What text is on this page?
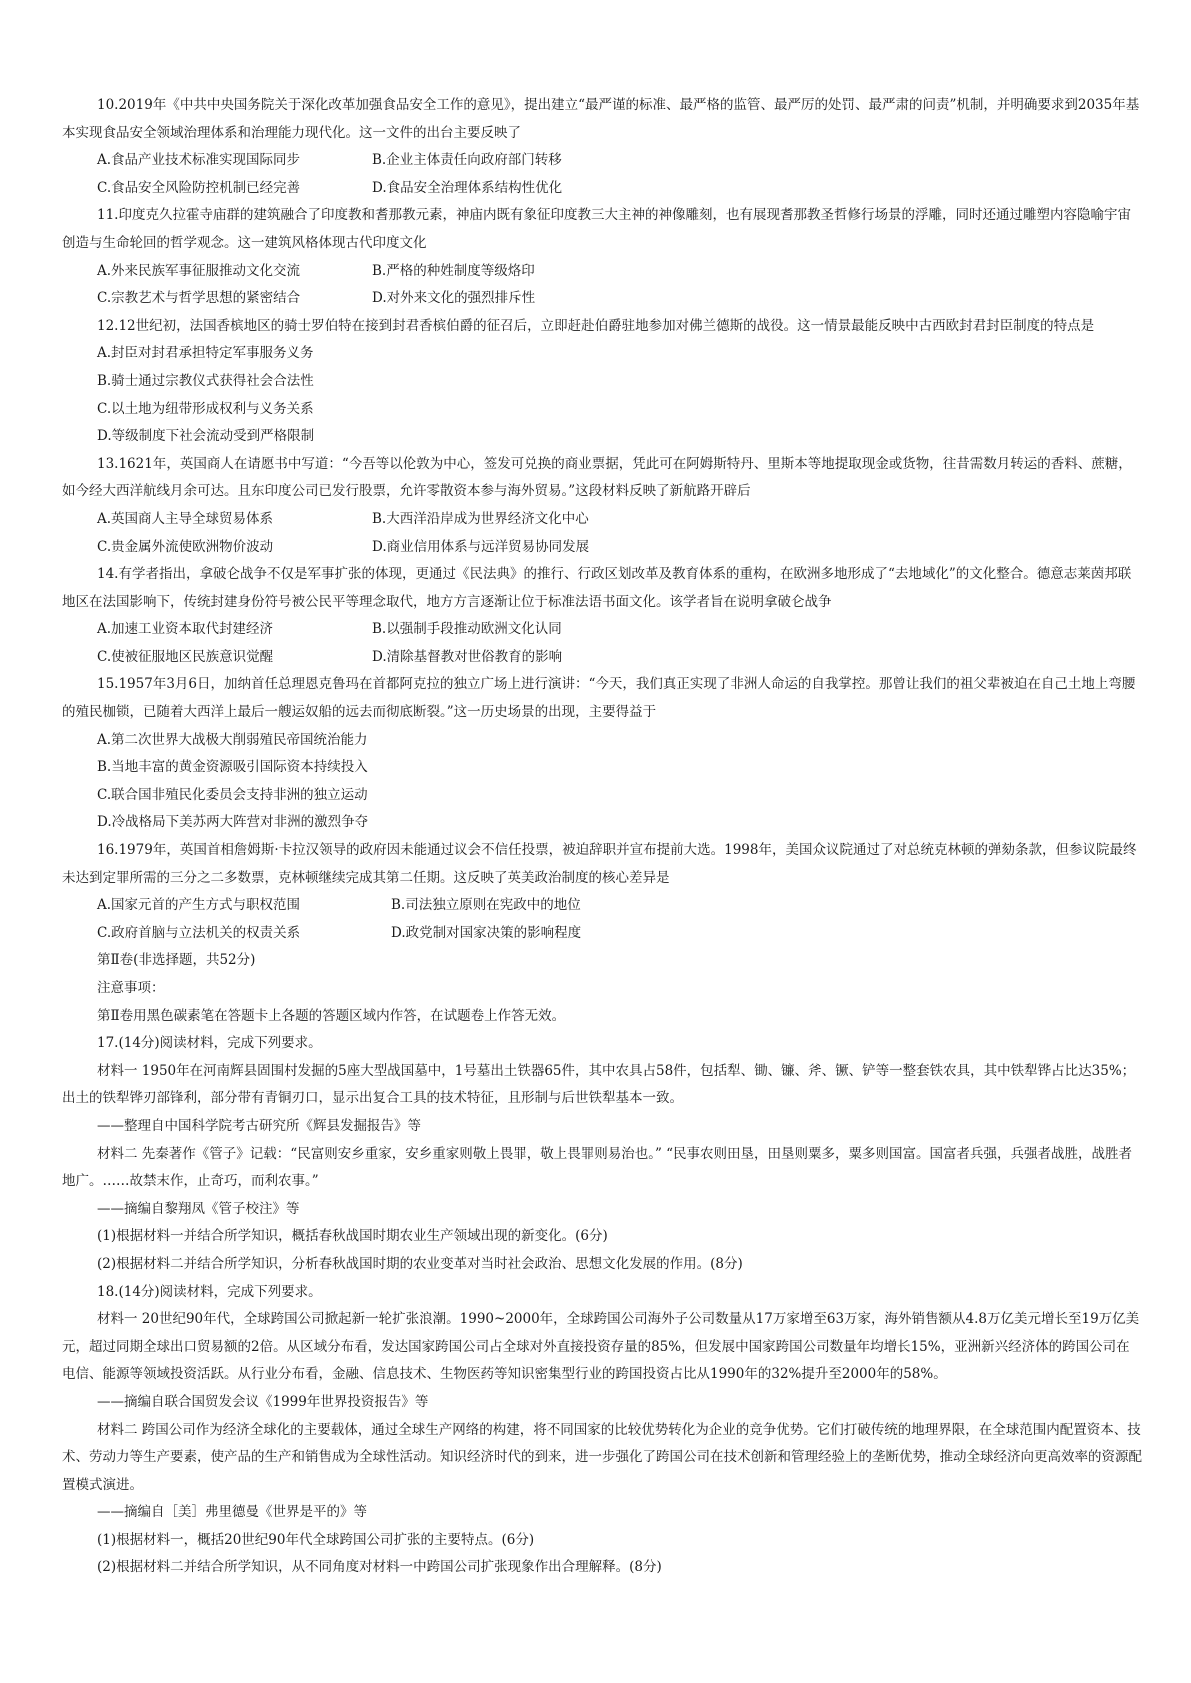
10.2019年《中共中央国务院关于深化改革加强食品安全工作的意见》，提出建立“最严谨的标准、最严格的监管、最严厉的处罚、最严肃的问责”机制，并明确要求到2035年基本实现食品安全领域治理体系和治理能力现代化。这一文件的出台主要反映了
A.食品产业技术标准实现国际同步	B.企业主体责任向政府部门转移
C.食品安全风险防控机制已经完善	D.食品安全治理体系结构性优化
11.印度克久拉霍寺庙群的建筑融合了印度教和耆那教元素，神庙内既有象征印度教三大主神的神像雕刻，也有展现耆那教圣哲修行场景的浮雕，同时还通过雕塑内容隐喻宇宙创造与生命轮回的哲学观念。这一建筑风格体现古代印度文化
A.外来民族军事征服推动文化交流	B.严格的种姓制度等级烙印
C.宗教艺术与哲学思想的紧密结合	D.对外来文化的强烈排斥性
12.12世纪初，法国香槟地区的骑士罗伯特在接到封君香槟伯爵的征召后，立即赶赴伯爵驻地参加对佛兰德斯的战役。这一情景最能反映中古西欧封君封臣制度的特点是
A.封臣对封君承担特定军事服务义务
B.骑士通过宗教仪式获得社会合法性
C.以土地为纽带形成权利与义务关系
D.等级制度下社会流动受到严格限制
13.1621年，英国商人在请愿书中写道：“今吾等以伦敦为中心，签发可兑换的商业票据，凭此可在阿姆斯特丹、里斯本等地提取现金或货物，往昔需数月转运的香料、蔗糖，如今经大西洋航线月余可达。且东印度公司已发行股票，允许零散资本参与海外贸易。”这段材料反映了新航路开辟后
A.英国商人主导全球贸易体系	B.大西洋沿岸成为世界经济文化中心
C.贵金属外流使欧洲物价波动	D.商业信用体系与远洋贸易协同发展
14.有学者指出，拿破仑战争不仅是军事扩张的体现，更通过《民法典》的推行、行政区划改革及教育体系的重构，在欧洲多地形成了“去地域化”的文化整合。德意志莱茵邦联地区在法国影响下，传统封建身份符号被公民平等理念取代，地方方言逐渐让位于标准法语书面文化。该学者旨在说明拿破仑战争
A.加速工业资本取代封建经济	B.以强制手段推动欧洲文化认同
C.使被征服地区民族意识觉醒	D.清除基督教对世俗教育的影响
15.1957年3月6日，加纳首任总理恩克鲁玛在首都阿克拉的独立广场上进行演讲：“今天，我们真正实现了非洲人命运的自我掌控。那曾让我们的祖父辈被迫在自己土地上弯腰的殖民枷锁，已随着大西洋上最后一艘运奴船的远去而彻底断裂。”这一历史场景的出现，主要得益于
A.第二次世界大战极大削弱殖民帝国统治能力
B.当地丰富的黄金资源吸引国际资本持续投入
C.联合国非殖民化委员会支持非洲的独立运动
D.冷战格局下美苏两大阵营对非洲的激烈争夺
16.1979年，英国首相詹姆斯·卡拉汉领导的政府因未能通过议会不信任投票，被迫辞职并宣布提前大选。1998年，美国众议院通过了对总统克林顿的弹劾条款，但参议院最终未达到定罪所需的三分之二多数票，克林顿继续完成其第二任期。这反映了英美政治制度的核心差异是
A.国家元首的产生方式与职权范围	B.司法独立原则在宪政中的地位
C.政府首脑与立法机关的权责关系	D.政党制对国家决策的影响程度
第Ⅱ卷(非选择题，共52分)
注意事项：
第Ⅱ卷用黑色碳素笔在答题卡上各题的答题区域内作答，在试题卷上作答无效。
17.(14分)阅读材料，完成下列要求。
材料一 1950年在河南辉县固围村发掘的5座大型战国墓中，1号墓出土铁器65件，其中农具占58件，包括犁、锄、镰、斧、镢、铲等一整套铁农具，其中铁犁铧占比达35%；出土的铁犁铧刃部锋利，部分带有青铜刃口，显示出复合工具的技术特征，且形制与后世铁犁基本一致。
——整理自中国科学院考古研究所《辉县发掘报告》等
材料二 先秦著作《管子》记载：“民富则安乡重家，安乡重家则敬上畏罪，敬上畏罪则易治也。” “民事农则田垦，田垦则粟多，粟多则国富。国富者兵强，兵强者战胜，战胜者地广。……故禁末作，止奇巧，而利农事。”
——摘编自黎翔凤《管子校注》等
(1)根据材料一并结合所学知识，概括春秋战国时期农业生产领域出现的新变化。(6分)
(2)根据材料二并结合所学知识，分析春秋战国时期的农业变革对当时社会政治、思想文化发展的作用。(8分)
18.(14分)阅读材料，完成下列要求。
材料一 20世纪90年代，全球跨国公司掀起新一轮扩张浪潮。1990~2000年，全球跨国公司海外子公司数量从17万家增至63万家，海外销售额从4.8万亿美元增长至19万亿美元，超过同期全球出口贸易额的2倍。从区域分布看，发达国家跨国公司占全球对外直接投资存量的85%，但发展中国家跨国公司数量年均增长15%，亚洲新兴经济体的跨国公司在电信、能源等领域投资活跃。从行业分布看，金融、信息技术、生物医药等知识密集型行业的跨国投资占比从1990年的32%提升至2000年的58%。
——摘编自联合国贸发会议《1999年世界投资报告》等
材料二 跨国公司作为经济全球化的主要载体，通过全球生产网络的构建，将不同国家的比较优势转化为企业的竞争优势。它们打破传统的地理界限，在全球范围内配置资本、技术、劳动力等生产要素，使产品的生产和销售成为全球性活动。知识经济时代的到来，进一步强化了跨国公司在技术创新和管理经验上的垄断优势，推动全球经济向更高效率的资源配置模式演进。
——摘编自［美］弗里德曼《世界是平的》等
(1)根据材料一，概括20世纪90年代全球跨国公司扩张的主要特点。(6分)
(2)根据材料二并结合所学知识，从不同角度对材料一中跨国公司扩张现象作出合理解释。(8分)
